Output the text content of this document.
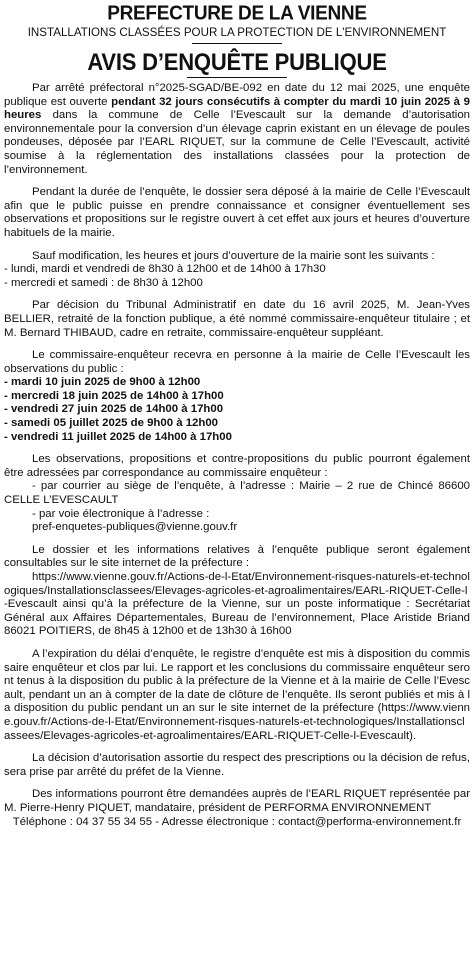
PREFECTURE DE LA VIENNE
INSTALLATIONS CLASSÉES POUR LA PROTECTION DE L'ENVIRONNEMENT
AVIS D’ENQUÊTE PUBLIQUE

Par arrêté préfectoral n°2025-SGAD/BE-092 en date du 12 mai 2025, une enquête publique est ouverte pendant 32 jours consécutifs à compter du mardi 10 juin 2025 à 9 heures dans la commune de Celle l’Evescault sur la demande d’autorisation environnementale pour la conversion d’un élevage caprin existant en un élevage de poules pondeuses, déposée par l’EARL RIQUET, sur la commune de Celle l’Evescault, activité soumise à la réglementation des installations classées pour la protection de l’environnement.

Pendant la durée de l’enquête, le dossier sera déposé à la mairie de Celle l’Evescault afin que le public puisse en prendre connaissance et consigner éventuellement ses observations et propositions sur le registre ouvert à cet effet aux jours et heures d’ouverture habituels de la mairie.

Sauf modification, les heures et jours d’ouverture de la mairie sont les suivants :

- lundi, mardi et vendredi de 8h30 à 12h00 et de 14h00 à 17h30

- mercredi et samedi : de 8h30 à 12h00

Par décision du Tribunal Administratif en date du 16 avril 2025, M. Jean-Yves BELLIER, retraité de la fonction publique, a été nommé commissaire-enquêteur titulaire ; et M. Bernard THIBAUD, cadre en retraite, commissaire-enquêteur suppléant.

Le commissaire-enquêteur recevra en personne à la mairie de Celle l’Evescault les observations du public :

- mardi 10 juin 2025 de 9h00 à 12h00

- mercredi 18 juin 2025 de 14h00 à 17h00

- vendredi 27 juin 2025 de 14h00 à 17h00

- samedi 05 juillet 2025 de 9h00 à 12h00

- vendredi 11 juillet 2025 de 14h00 à 17h00

Les observations, propositions et contre-propositions du public pourront également être adressées par correspondance au commissaire enquêteur :

- par courrier au siège de l’enquête, à l’adresse : Mairie – 2 rue de Chincé 86600 CELLE L’EVESCAULT

- par voie électronique à l’adresse :

pref-enquetes-publiques@vienne.gouv.fr

Le dossier et les informations relatives à l’enquête publique seront également consultables sur le site internet de la préfecture :

https://www.vienne.gouv.fr/Actions-de-l-Etat/Environnement-risques-naturels-et-technologiques/Installationsclassees/Elevages-agricoles-et-agroalimentaires/EARL-RIQUET-Celle-l-Evescault ainsi qu’à la préfecture de la Vienne, sur un poste informatique : Secrétariat Général aux Affaires Départementales, Bureau de l’environnement, Place Aristide Briand 86021 POITIERS, de 8h45 à 12h00 et de 13h30 à 16h00

A l’expiration du délai d’enquête, le registre d’enquête est mis à disposition du commissaire enquêteur et clos par lui. Le rapport et les conclusions du commissaire enquêteur seront tenus à la disposition du public à la préfecture de la Vienne et à la mairie de Celle l’Evescault, pendant un an à compter de la date de clôture de l’enquête. Ils seront publiés et mis à la disposition du public pendant un an sur le site internet de la préfecture (https://www.vienne.gouv.fr/Actions-de-l-Etat/Environnement-risques-naturels-et-technologiques/Installationsclassees/Elevages-agricoles-et-agroalimentaires/EARL-RIQUET-Celle-l-Evescault).

La décision d’autorisation assortie du respect des prescriptions ou la décision de refus, sera prise par arrêté du préfet de la Vienne.

Des informations pourront être demandées auprès de l’EARL RIQUET représentée par M. Pierre-Henry PIQUET, mandataire, président de PERFORMA ENVIRONNEMENT

Téléphone : 04 37 55 34 55 - Adresse électronique : contact@performa-environnement.fr
